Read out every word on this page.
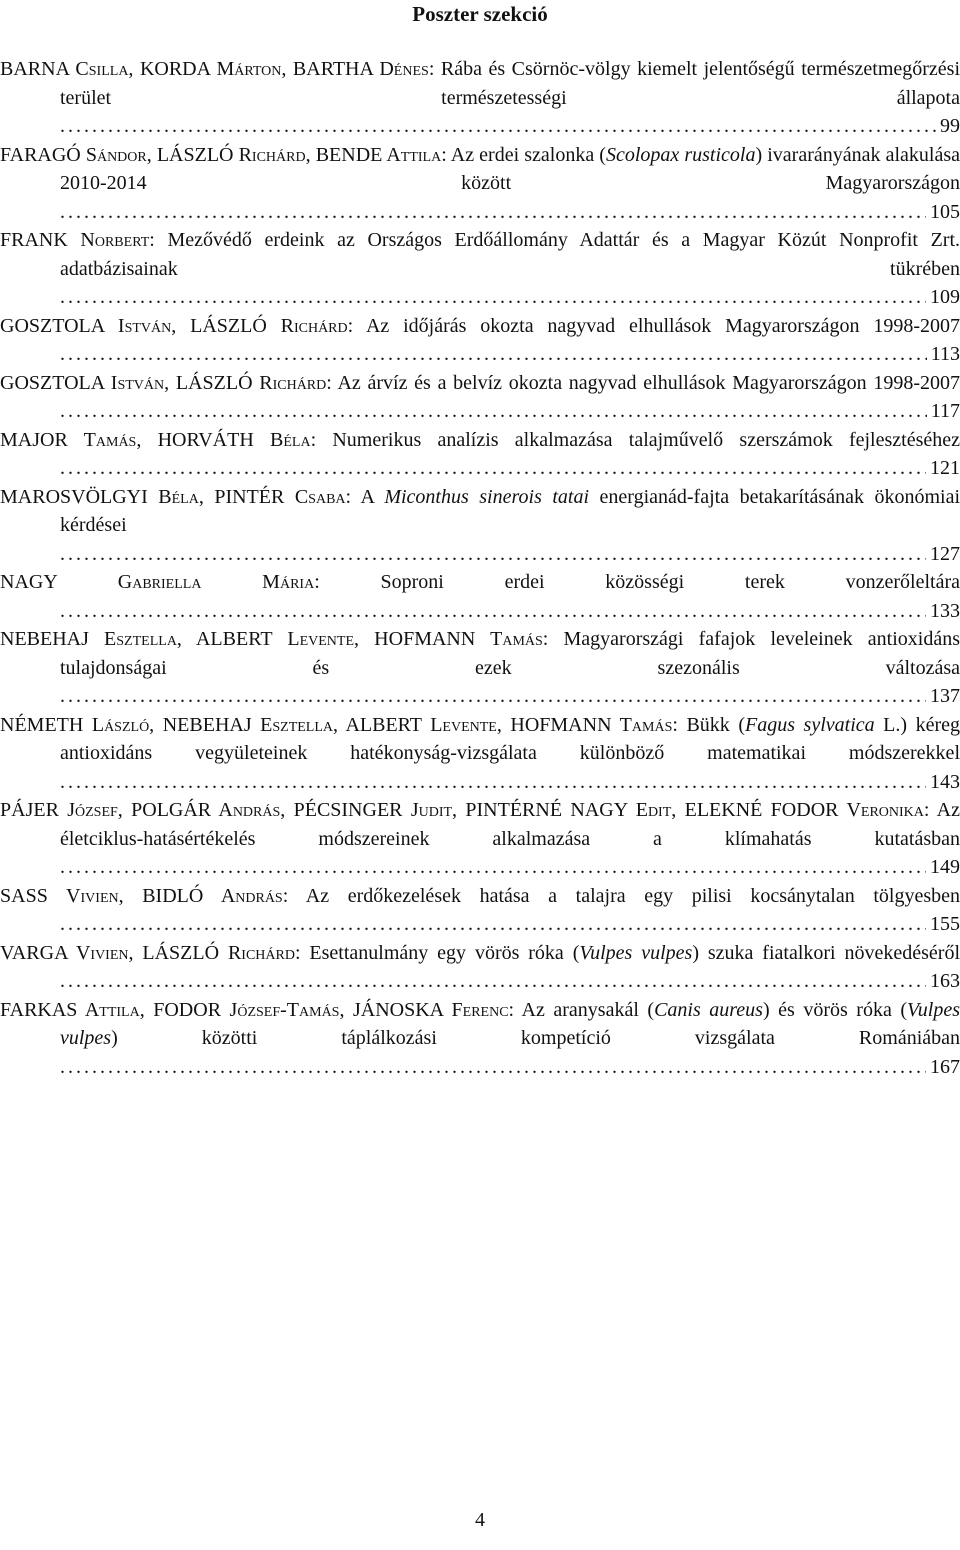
Poszter szekció
BARNA Csilla, KORDA Márton, BARTHA Dénes: Rába és Csörnöc-völgy kiemelt jelentőségű természetmegőrzési terület természetességi állapota . . .
99
FARAGÓ Sándor, LÁSZLÓ Richárd, BENDE Attila: Az erdei szalonka (Scolopax rusticola) ivararányának alakulása 2010-2014 között Magyarországon . . .
105
FRANK Norbert: Mezővédő erdeink az Országos Erdőállomány Adattár és a Magyar Közút Nonprofit Zrt. adatbázisainak tükrében . . .
109
GOSZTOLA István, LÁSZLÓ Richárd: Az időjárás okozta nagyvad elhullások Magyarországon 1998-2007 . . .
113
GOSZTOLA István, LÁSZLÓ Richárd: Az árvíz és a belvíz okozta nagyvad elhullások Magyarországon 1998-2007 . . .
117
MAJOR Tamás, HORVÁTH Béla: Numerikus analízis alkalmazása talajművelő szerszámok fejlesztéséhez . . .
121
MAROSVÖLGYI Béla, PINTÉR Csaba: A Miconthus sinerois tatai energianád-fajta betakarításának ökonómiai kérdései . . .
127
NAGY Gabriella Mária: Soproni erdei közösségi terek vonzerőleltára . . .
133
NEBEHAJ Esztella, ALBERT Levente, HOFMANN Tamás: Magyarországi fafajok leveleinek antioxidáns tulajdonságai és ezek szezonális változása . . .
137
NÉMETH László, NEBEHAJ Esztella, ALBERT Levente, HOFMANN Tamás: Bükk (Fagus sylvatica L.) kéreg antioxidáns vegyületeinek hatékonyság-vizsgálata különböző matematikai módszerekkel . . .
143
PÁJER József, POLGÁR András, PÉCSINGER Judit, PINTÉRNÉ NAGY Edit, ELEKNÉ FODOR Veronika: Az életciklus-hatásértékelés módszereinek alkalmazása a klímahatás kutatásban . . .
149
SASS Vivien, BIDLÓ András: Az erdőkezelések hatása a talajra egy pilisi kocsánytalan tölgyesben . . .
155
VARGA Vivien, LÁSZLÓ Richárd: Esettanulmány egy vörös róka (Vulpes vulpes) szuka fiatalkori növekedéséről . . .
163
FARKAS Attila, FODOR József-Tamás, JÁNOSKA Ferenc: Az aranysakál (Canis aureus) és vörös róka (Vulpes vulpes) közötti táplálkozási kompetíció vizsgálata Romániában . . .
167
4
